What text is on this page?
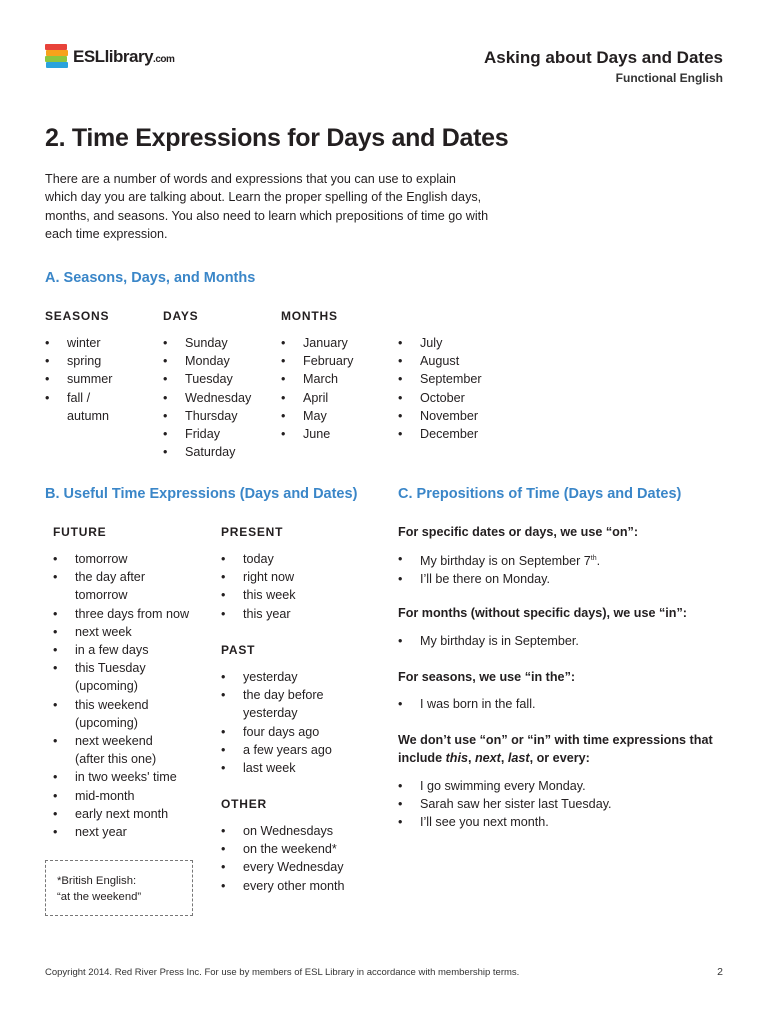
ESLlibrary.com	Asking about Days and Dates
Functional English
2. Time Expressions for Days and Dates
There are a number of words and expressions that you can use to explain which day you are talking about. Learn the proper spelling of the English days, months, and seasons. You also need to learn which prepositions of time go with each time expression.
A. Seasons, Days, and Months
SEASONS	DAYS	MONTHS
• winter
• spring
• summer
• fall /
autumn
• Sunday
• Monday
• Tuesday
• Wednesday
• Thursday
• Friday
• Saturday
• January
• February
• March
• April
• May
• June
• July
• August
• September
• October
• November
• December
B. Useful Time Expressions (Days and Dates)
FUTURE
• tomorrow
• the day after
tomorrow
• three days from now
• next week
• in a few days
• this Tuesday
(upcoming)
• this weekend
(upcoming)
• next weekend
(after this one)
• in two weeks' time
• mid-month
• early next month
• next year
PRESENT
• today
• right now
• this week
• this year
PAST
• yesterday
• the day before
yesterday
• four days ago
• a few years ago
• last week
OTHER
• on Wednesdays
• on the weekend*
• every Wednesday
• every other month
*British English:
“at the weekend”
C. Prepositions of Time (Days and Dates)
For specific dates or days, we use “on”:
• My birthday is on September 7th.
• I’ll be there on Monday.
For months (without specific days), we use “in”:
• My birthday is in September.
For seasons, we use “in the”:
• I was born in the fall.
We don’t use “on” or “in” with time expressions that include this, next, last, or every:
• I go swimming every Monday.
• Sarah saw her sister last Tuesday.
• I’ll see you next month.
Copyright 2014. Red River Press Inc. For use by members of ESL Library in accordance with membership terms.	2
